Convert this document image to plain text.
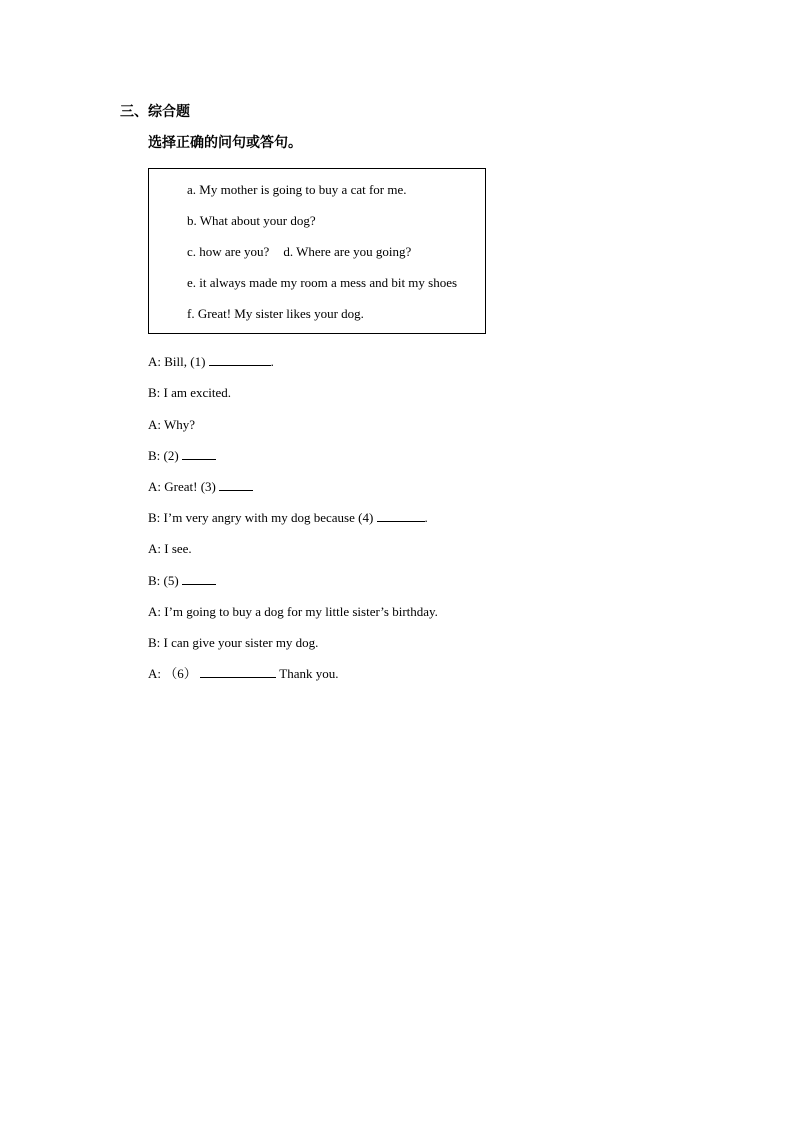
三、综合题
选择正确的问句或答句。
a. My mother is going to buy a cat for me.
b. What about your dog?
c. how are you? d. Where are you going?
e. it always made my room a mess and bit my shoes
f. Great! My sister likes your dog.
A: Bill, (1)	.
B: I am excited.
A: Why?
B: (2)
A: Great! (3)
B: I’m very angry with my dog because (4)	.
A: I see.
B: (5)
A: I’m going to buy a dog for my little sister’s birthday.
B: I can give your sister my dog.
A: （6）	Thank you.
